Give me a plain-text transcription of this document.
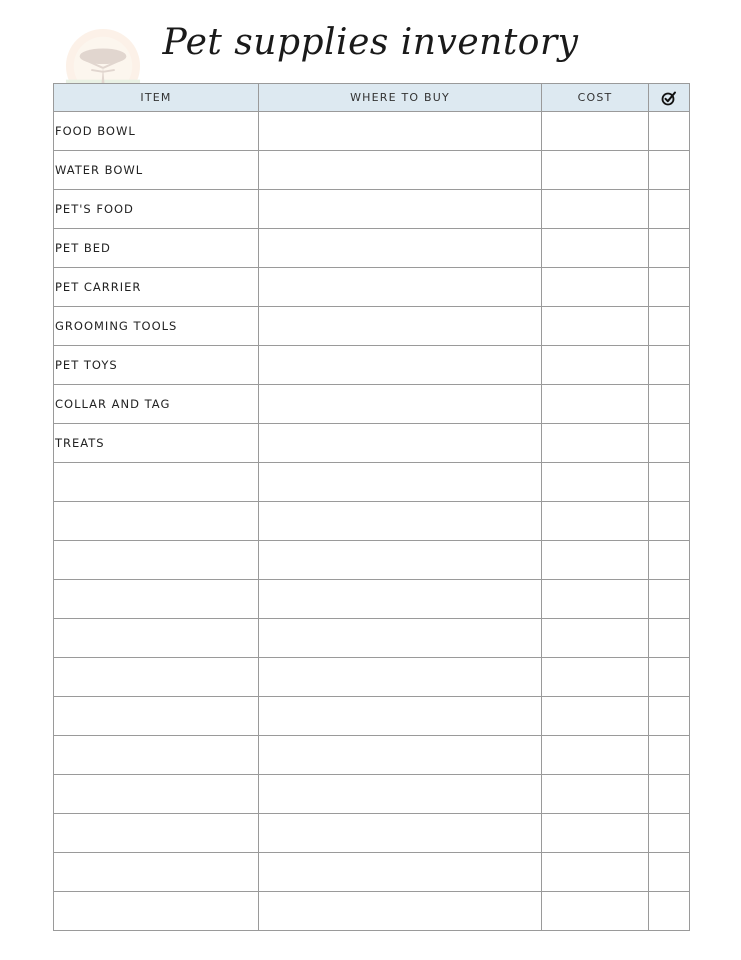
Pet supplies inventory
ITEM	WHERE TO BUY	COST	

FOOD BOWL			
WATER BOWL			
PET'S FOOD			
PET BED			
PET CARRIER			
GROOMING TOOLS			
PET TOYS			
COLLAR AND TAG			
TREATS			
